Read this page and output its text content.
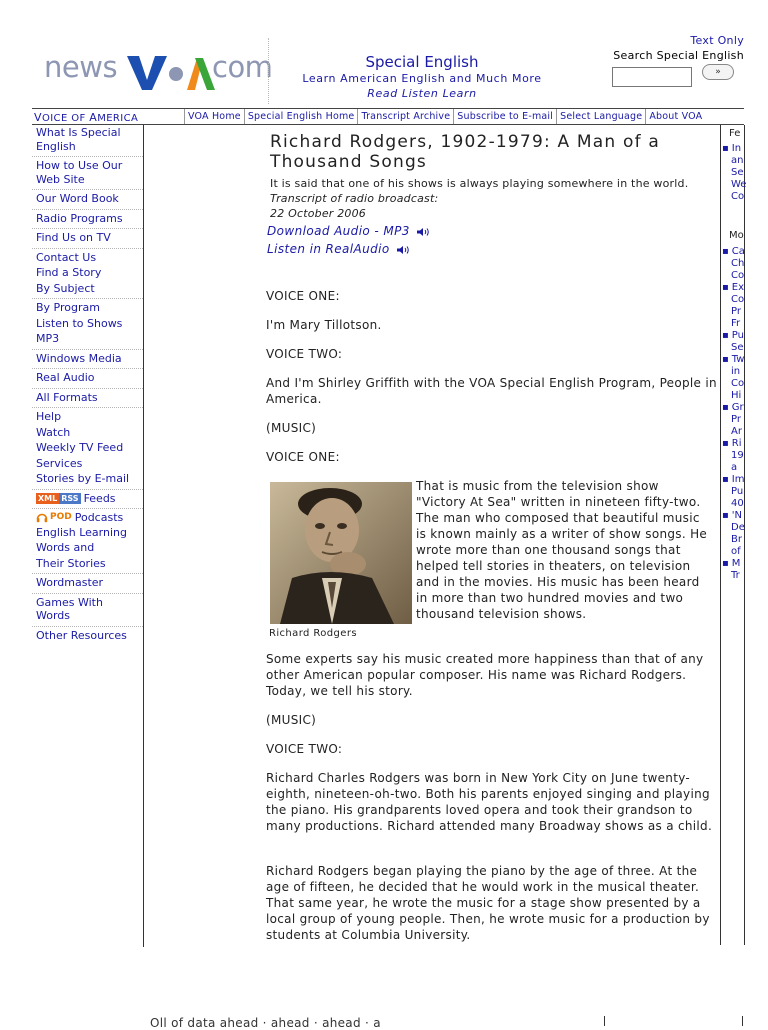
news	com	Special English
Learn American English and Much More
Read Listen Learn
Text Only
Search Special English
»
VOICE OF AMERICA	VOA Home Special English Home Transcript Archive Subscribe to E-mail Select Language About VOA
What Is Special English
How to Use Our Web Site
Our Word Book
Radio Programs
Find Us on TV
Contact Us
Find a Story
By Subject
By Program
Listen to Shows
MP3
Windows Media
Real Audio
All Formats
Help
Watch
Weekly TV Feed
Services
Stories by E-mail
XML RSS Feeds
POD Podcasts
English Learning
Words and
Their Stories
Wordmaster
Games With Words
Other Resources
Richard Rodgers, 1902-1979: A Man of a Thousand Songs
It is said that one of his shows is always playing somewhere in the world. Transcript of radio broadcast:
22 October 2006
Download Audio - MP3
Listen in RealAudio
VOICE ONE:
I'm Mary Tillotson.
VOICE TWO:
And I'm Shirley Griffith with the VOA Special English Program, People in America.
(MUSIC)
VOICE ONE:
Richard Rodgers
That is music from the television show "Victory At Sea" written in nineteen fifty-two. The man who composed that beautiful music is known mainly as a writer of show songs. He wrote more than one thousand songs that helped tell stories in theaters, on television and in the movies. His music has been heard in more than two hundred movies and two thousand television shows.
Some experts say his music created more happiness than that of any other American popular composer. His name was Richard Rodgers. Today, we tell his story.
(MUSIC)
VOICE TWO:
Richard Charles Rodgers was born in New York City on June twenty-eighth, nineteen-oh-two. Both his parents enjoyed singing and playing the piano. His grandparents loved opera and took their grandson to many productions. Richard attended many Broadway shows as a child.
Richard Rodgers began playing the piano by the age of three. At the age of fifteen, he decided that he would work in the musical theater. That same year, he wrote the music for a stage show presented by a local group of young people. Then, he wrote music for a production by students at Columbia University.
Fe
▪ In
an
Se
We
Co
Mo
▪ Ca
Ch
Co
▪ Ex
Co
Pr
Fr
▪ Pu
Se
▪ Tw
in
Co
Hi
▪ Gr
Pr
Ar
▪ Ri
19
a
▪ Im
Pu
40
▪ 'N
De
Br
of
▪ M
Tr
Oll of data ahead · ahead · ahead · a
